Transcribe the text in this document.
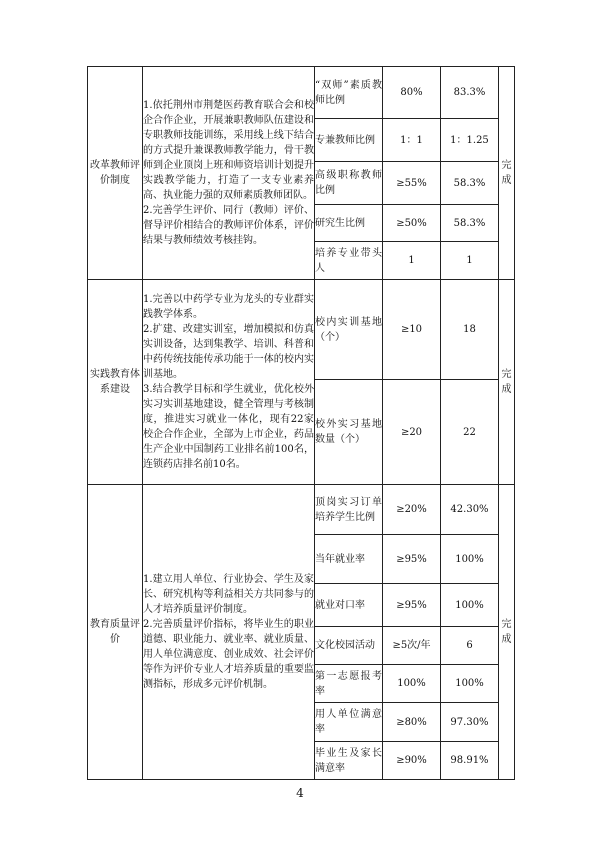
改革教师评价制度	1.依托荆州市荆楚医药教育联合会和校企合作企业，开展兼职教师队伍建设和专职教师技能训练，采用线上线下结合的方式提升兼课教师教学能力，骨干教师到企业顶岗上班和师资培训计划提升实践教学能力，打造了一支专业素养高、执业能力强的双师素质教师团队。

2.完善学生评价、同行（教师）评价、督导评价相结合的教师评价体系，评价结果与教师绩效考核挂钩。	“双师”素质教师比例	80%	83.3%	完成
		专兼教师比例	1：1	1：1.25	
		高级职称教师比例	≥55%	58.3%	
		研究生比例	≥50%	58.3%	
		培养专业带头人	1	1	
实践教育体系建设	1.完善以中药学专业为龙头的专业群实践教学体系。

2.扩建、改建实训室，增加模拟和仿真实训设备，达到集教学、培训、科普和中药传统技能传承功能于一体的校内实训基地。

3.结合教学目标和学生就业，优化校外实习实训基地建设，健全管理与考核制度，推进实习就业一体化，现有22家校企合作企业，全部为上市企业，药品生产企业中国制药工业排名前100名，连锁药店排名前10名。	校内实训基地（个）	≥10	18	完成
		校外实习基地数量（个）	≥20	22	
教育质量评价	1.建立用人单位、行业协会、学生及家长、研究机构等利益相关方共同参与的人才培养质量评价制度。

2.完善质量评价指标，将毕业生的职业道德、职业能力、就业率、就业质量、用人单位满意度、创业成效、社会评价等作为评价专业人才培养质量的重要监测指标，形成多元评价机制。	顶岗实习订单培养学生比例	≥20%	42.30%	完成
		当年就业率	≥95%	100%	
		就业对口率	≥95%	100%	
		文化校园活动	≥5次/年	6	
		第一志愿报考率	100%	100%	
		用人单位满意率	≥80%	97.30%	
		毕业生及家长满意率	≥90%	98.91%	
4
